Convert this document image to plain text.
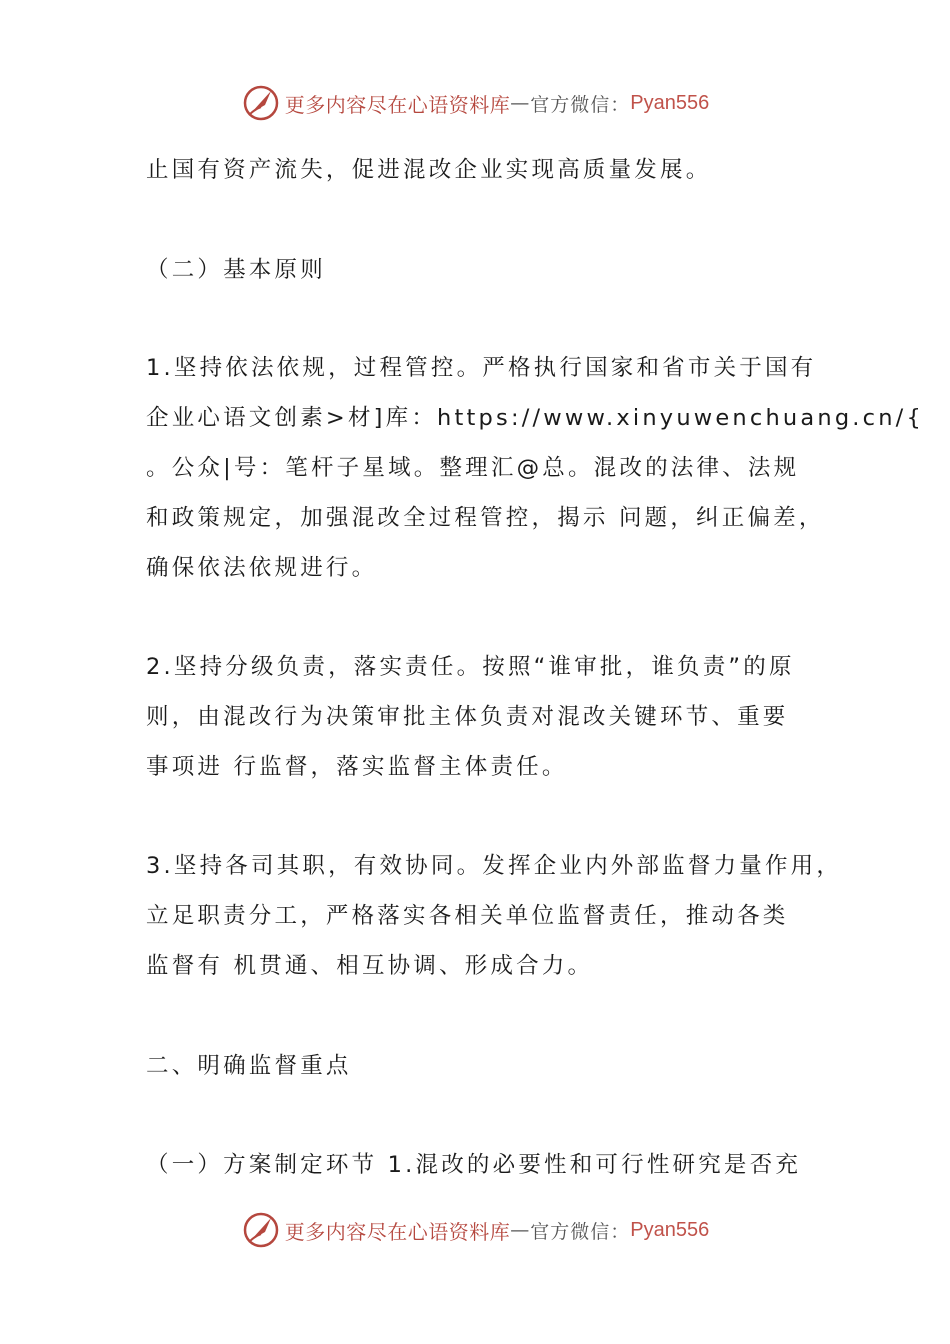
更多内容尽在心语资料库 — 官方微信： Pyan556
止国有资产流失，促进混改企业实现高质量发展。
（二）基本原则
1.坚持依法依规，过程管控。严格执行国家和省市关于国有
企业心语文创素>材]库：https://www.xinyuwenchuang.cn/{
。公众|号：笔杆子星域。整理汇@总。混改的法律、法规
和政策规定，加强混改全过程管控，揭示 问题，纠正偏差，
确保依法依规进行。
2.坚持分级负责，落实责任。按照“谁审批，谁负责”的原
则，由混改行为决策审批主体负责对混改关键环节、重要
事项进 行监督，落实监督主体责任。
3.坚持各司其职，有效协同。发挥企业内外部监督力量作用，
立足职责分工，严格落实各相关单位监督责任，推动各类
监督有 机贯通、相互协调、形成合力。
二、明确监督重点
（一）方案制定环节 1.混改的必要性和可行性研究是否充
更多内容尽在心语资料库 — 官方微信： Pyan556
